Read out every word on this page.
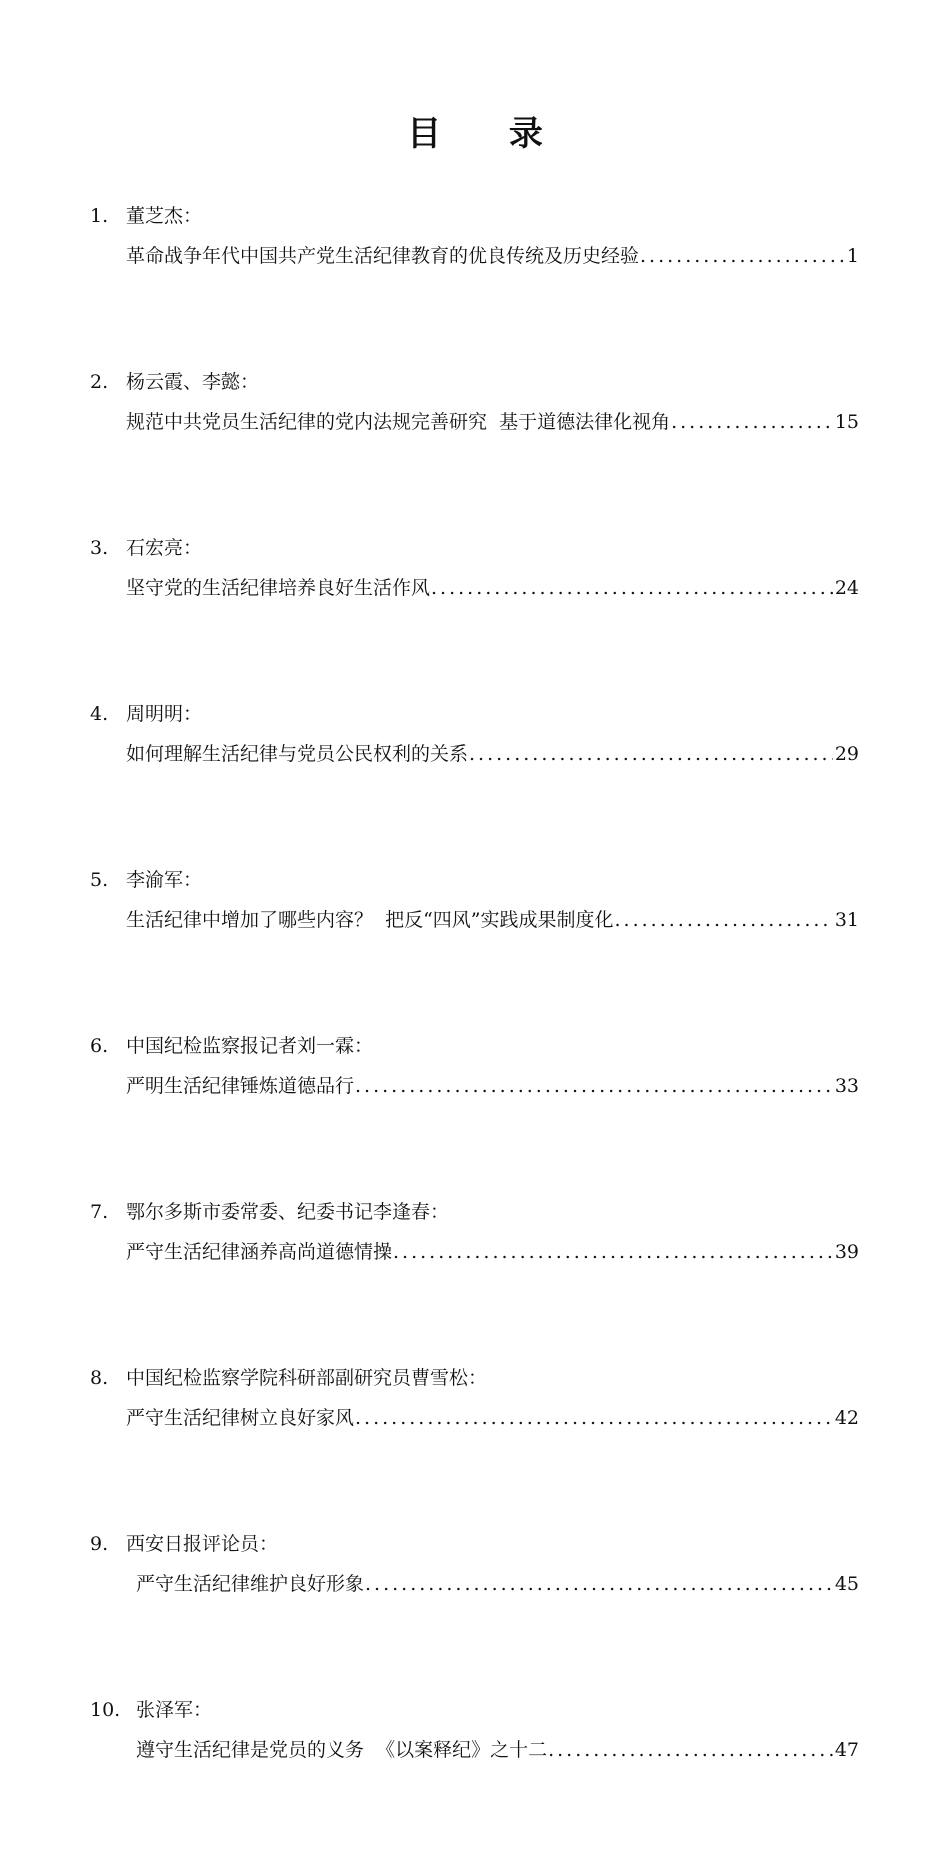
目 录
1. 董芝杰：
革命战争年代中国共产党生活纪律教育的优良传统及历史经验 .....	1
2. 杨云霞、李懿：
规范中共党员生活纪律的党内法规完善研究  基于道德法律化视角 .....	15
3. 石宏亮：
坚守党的生活纪律培养良好生活作风 .....	24
4. 周明明：
如何理解生活纪律与党员公民权利的关系 .....	29
5. 李渝军：
生活纪律中增加了哪些内容？  把反“四风”实践成果制度化 .....	31
6. 中国纪检监察报记者刘一霖：
严明生活纪律锤炼道德品行 .....	33
7. 鄂尔多斯市委常委、纪委书记李逢春：
严守生活纪律涵养高尚道德情操 .....	39
8. 中国纪检监察学院科研部副研究员曹雪松：
严守生活纪律树立良好家风 .....	42
9. 西安日报评论员：
严守生活纪律维护良好形象 .....	45
10. 张泽军：
遵守生活纪律是党员的义务  《以案释纪》之十二 .....	47
